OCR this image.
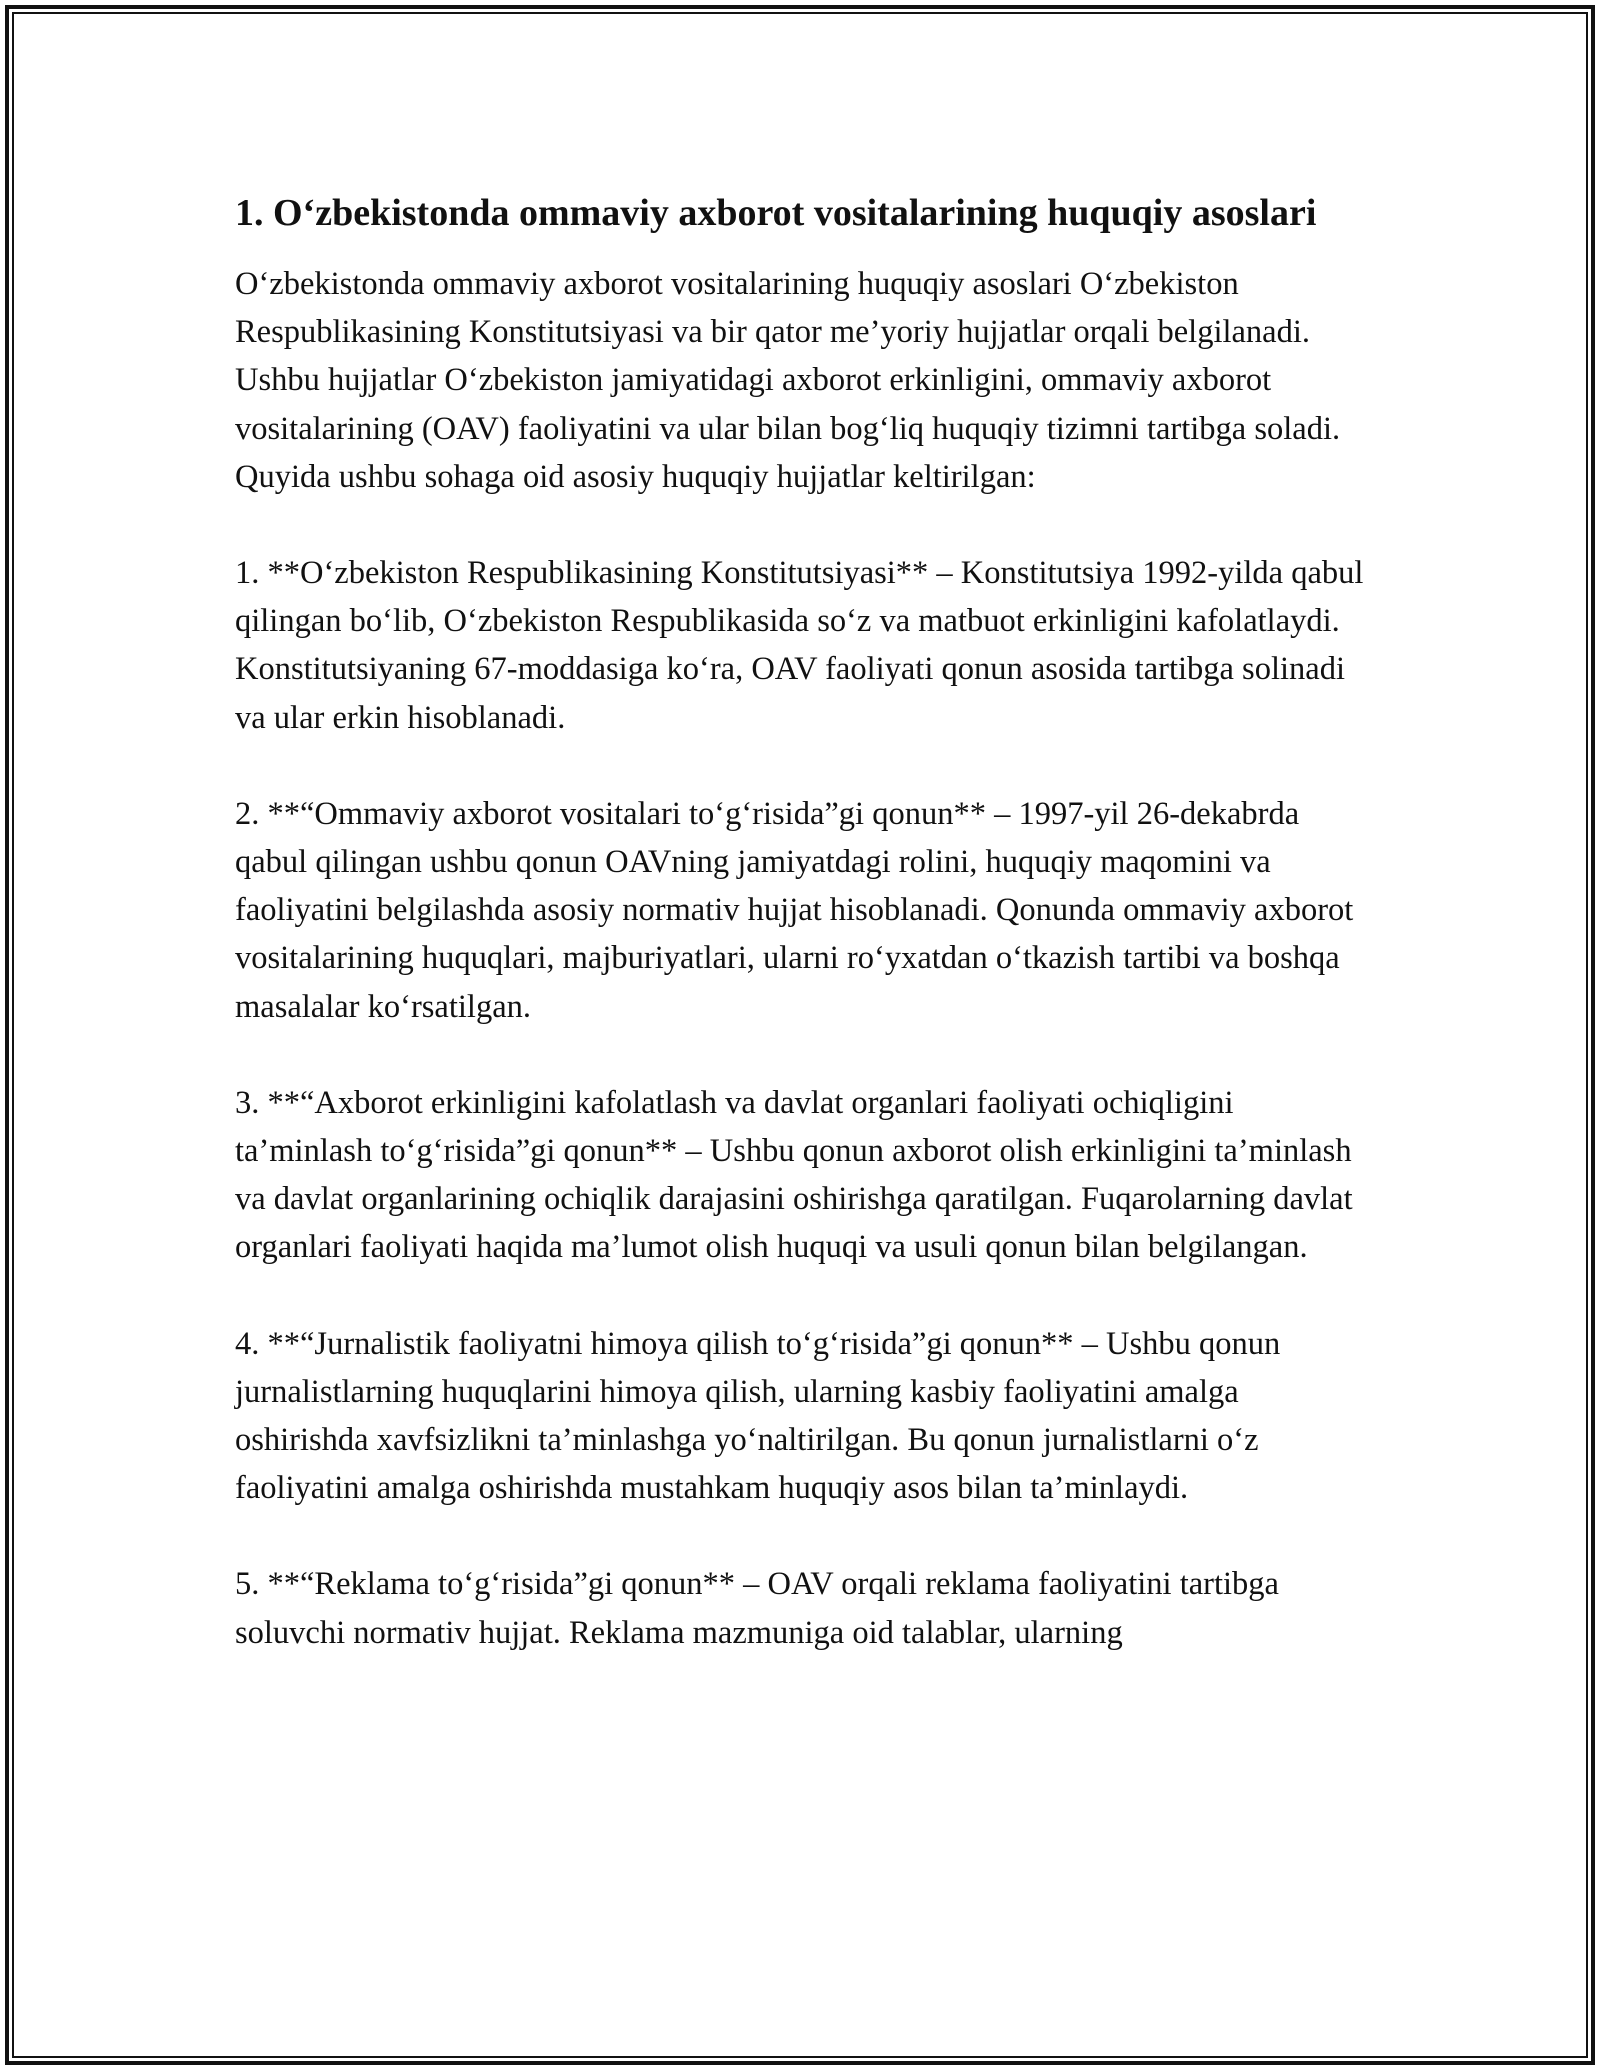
1. O‘zbekistonda ommaviy axborot vositalarining huquqiy asoslari

O‘zbekistonda ommaviy axborot vositalarining huquqiy asoslari O‘zbekiston Respublikasining Konstitutsiyasi va bir qator me’yoriy hujjatlar orqali belgilanadi. Ushbu hujjatlar O‘zbekiston jamiyatidagi axborot erkinligini, ommaviy axborot vositalarining (OAV) faoliyatini va ular bilan bog‘liq huquqiy tizimni tartibga soladi. Quyida ushbu sohaga oid asosiy huquqiy hujjatlar keltirilgan:

1. **O‘zbekiston Respublikasining Konstitutsiyasi** – Konstitutsiya 1992-yilda qabul qilingan bo‘lib, O‘zbekiston Respublikasida so‘z va matbuot erkinligini kafolatlaydi. Konstitutsiyaning 67-moddasiga ko‘ra, OAV faoliyati qonun asosida tartibga solinadi va ular erkin hisoblanadi.

2. **“Ommaviy axborot vositalari to‘g‘risida”gi qonun** – 1997-yil 26-dekabrda qabul qilingan ushbu qonun OAVning jamiyatdagi rolini, huquqiy maqomini va faoliyatini belgilashda asosiy normativ hujjat hisoblanadi. Qonunda ommaviy axborot vositalarining huquqlari, majburiyatlari, ularni ro‘yxatdan o‘tkazish tartibi va boshqa masalalar ko‘rsatilgan.

3. **“Axborot erkinligini kafolatlash va davlat organlari faoliyati ochiqligini ta’minlash to‘g‘risida”gi qonun** – Ushbu qonun axborot olish erkinligini ta’minlash va davlat organlarining ochiqlik darajasini oshirishga qaratilgan. Fuqarolarning davlat organlari faoliyati haqida ma’lumot olish huquqi va usuli qonun bilan belgilangan.

4. **“Jurnalistik faoliyatni himoya qilish to‘g‘risida”gi qonun** – Ushbu qonun jurnalistlarning huquqlarini himoya qilish, ularning kasbiy faoliyatini amalga oshirishda xavfsizlikni ta’minlashga yo‘naltirilgan. Bu qonun jurnalistlarni o‘z faoliyatini amalga oshirishda mustahkam huquqiy asos bilan ta’minlaydi.

5. **“Reklama to‘g‘risida”gi qonun** – OAV orqali reklama faoliyatini tartibga soluvchi normativ hujjat. Reklama mazmuniga oid talablar, ularning
